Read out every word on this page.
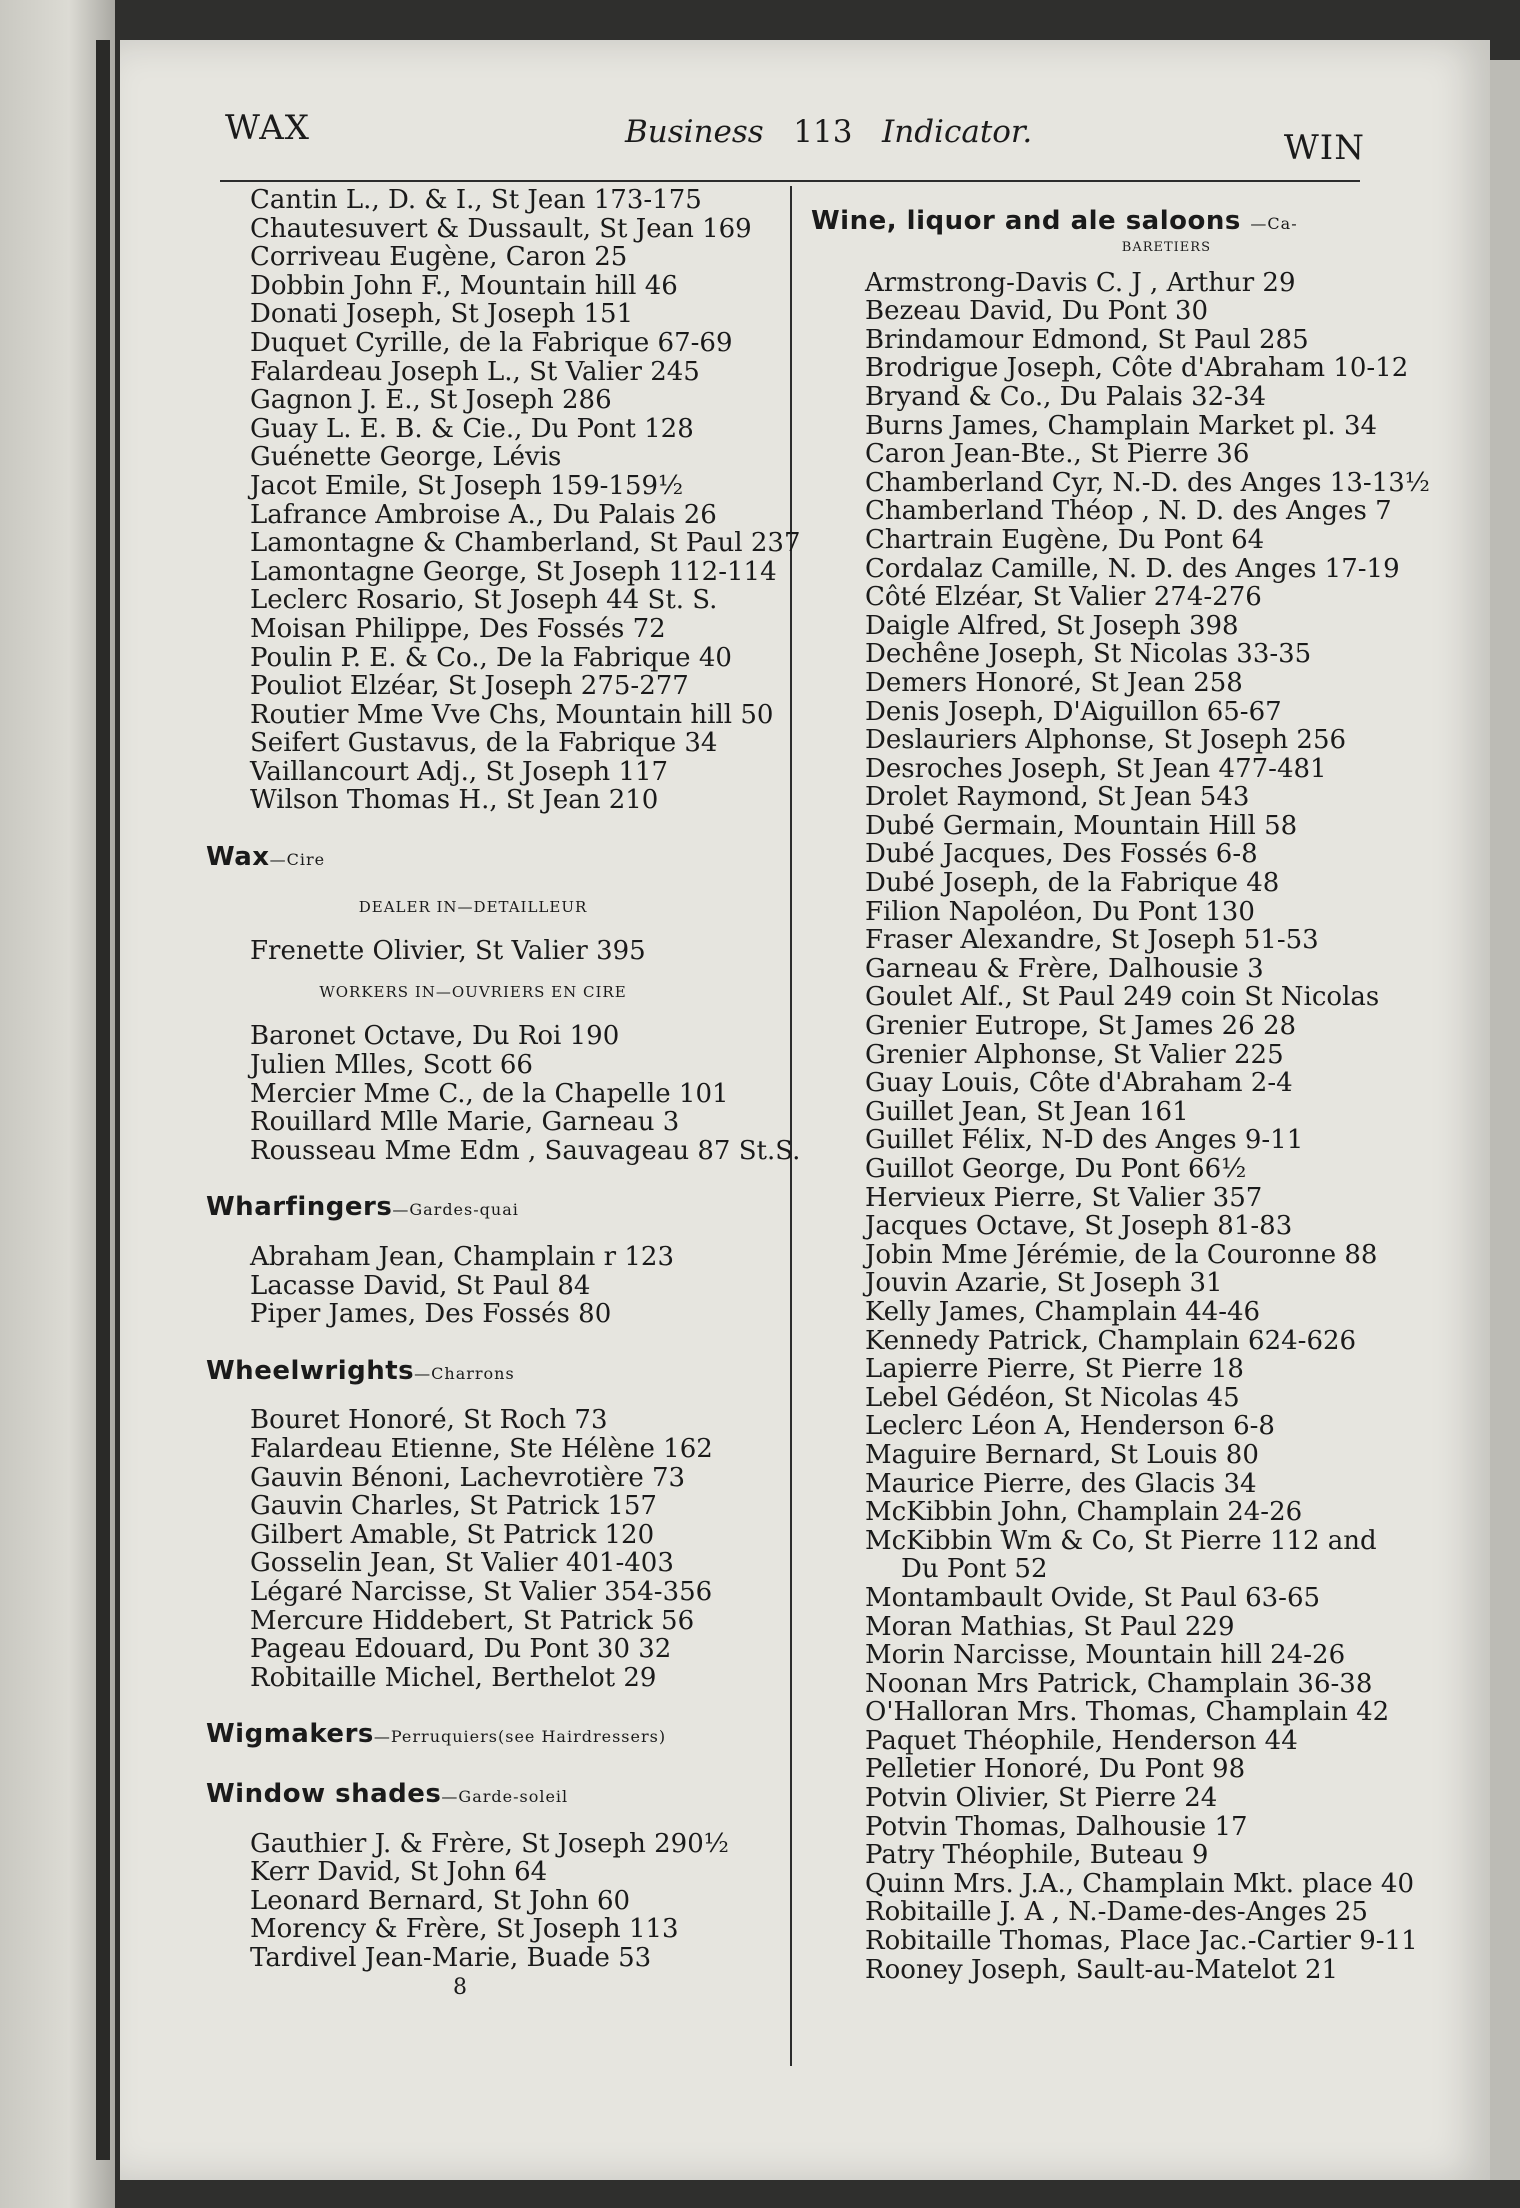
WAX	Business 113 Indicator.	WIN
Cantin L., D. & I., St Jean 173-175
Chautesuvert & Dussault, St Jean 169
Corriveau Eugène, Caron 25
Dobbin John F., Mountain hill 46
Donati Joseph, St Joseph 151
Duquet Cyrille, de la Fabrique 67-69
Falardeau Joseph L., St Valier 245
Gagnon J. E., St Joseph 286
Guay L. E. B. & Cie., Du Pont 128
Guénette George, Lévis
Jacot Emile, St Joseph 159-159½
Lafrance Ambroise A., Du Palais 26
Lamontagne & Chamberland, St Paul 237
Lamontagne George, St Joseph 112-114
Leclerc Rosario, St Joseph 44 St. S.
Moisan Philippe, Des Fossés 72
Poulin P. E. & Co., De la Fabrique 40
Pouliot Elzéar, St Joseph 275-277
Routier Mme Vve Chs, Mountain hill 50
Seifert Gustavus, de la Fabrique 34
Vaillancourt Adj., St Joseph 117
Wilson Thomas H., St Jean 210
Wax—Cire
DEALER IN—DETAILLEUR
Frenette Olivier, St Valier 395
WORKERS IN—OUVRIERS EN CIRE
Baronet Octave, Du Roi 190
Julien Mlles, Scott 66
Mercier Mme C., de la Chapelle 101
Rouillard Mlle Marie, Garneau 3
Rousseau Mme Edm , Sauvageau 87 St.S.
Wharfingers—Gardes-quai
Abraham Jean, Champlain r 123
Lacasse David, St Paul 84
Piper James, Des Fossés 80
Wheelwrights—Charrons
Bouret Honoré, St Roch 73
Falardeau Etienne, Ste Hélène 162
Gauvin Bénoni, Lachevrotière 73
Gauvin Charles, St Patrick 157
Gilbert Amable, St Patrick 120
Gosselin Jean, St Valier 401-403
Légaré Narcisse, St Valier 354-356
Mercure Hiddebert, St Patrick 56
Pageau Edouard, Du Pont 30 32
Robitaille Michel, Berthelot 29
Wigmakers—Perruquiers(see Hairdressers)
Window shades—Garde-soleil
Gauthier J. & Frère, St Joseph 290½
Kerr David, St John 64
Leonard Bernard, St John 60
Morency & Frère, St Joseph 113
Tardivel Jean-Marie, Buade 53
8
Wine, liquor and ale saloons —Ca-
BARETIERS
Armstrong-Davis C. J , Arthur 29
Bezeau David, Du Pont 30
Brindamour Edmond, St Paul 285
Brodrigue Joseph, Côte d'Abraham 10-12
Bryand & Co., Du Palais 32-34
Burns James, Champlain Market pl. 34
Caron Jean-Bte., St Pierre 36
Chamberland Cyr, N.-D. des Anges 13-13½
Chamberland Théop , N. D. des Anges 7
Chartrain Eugène, Du Pont 64
Cordalaz Camille, N. D. des Anges 17-19
Côté Elzéar, St Valier 274-276
Daigle Alfred, St Joseph 398
Dechêne Joseph, St Nicolas 33-35
Demers Honoré, St Jean 258
Denis Joseph, D'Aiguillon 65-67
Deslauriers Alphonse, St Joseph 256
Desroches Joseph, St Jean 477-481
Drolet Raymond, St Jean 543
Dubé Germain, Mountain Hill 58
Dubé Jacques, Des Fossés 6-8
Dubé Joseph, de la Fabrique 48
Filion Napoléon, Du Pont 130
Fraser Alexandre, St Joseph 51-53
Garneau & Frère, Dalhousie 3
Goulet Alf., St Paul 249 coin St Nicolas
Grenier Eutrope, St James 26 28
Grenier Alphonse, St Valier 225
Guay Louis, Côte d'Abraham 2-4
Guillet Jean, St Jean 161
Guillet Félix, N-D des Anges 9-11
Guillot George, Du Pont 66½
Hervieux Pierre, St Valier 357
Jacques Octave, St Joseph 81-83
Jobin Mme Jérémie, de la Couronne 88
Jouvin Azarie, St Joseph 31
Kelly James, Champlain 44-46
Kennedy Patrick, Champlain 624-626
Lapierre Pierre, St Pierre 18
Lebel Gédéon, St Nicolas 45
Leclerc Léon A, Henderson 6-8
Maguire Bernard, St Louis 80
Maurice Pierre, des Glacis 34
McKibbin John, Champlain 24-26
McKibbin Wm & Co, St Pierre 112 and
Du Pont 52
Montambault Ovide, St Paul 63-65
Moran Mathias, St Paul 229
Morin Narcisse, Mountain hill 24-26
Noonan Mrs Patrick, Champlain 36-38
O'Halloran Mrs. Thomas, Champlain 42
Paquet Théophile, Henderson 44
Pelletier Honoré, Du Pont 98
Potvin Olivier, St Pierre 24
Potvin Thomas, Dalhousie 17
Patry Théophile, Buteau 9
Quinn Mrs. J.A., Champlain Mkt. place 40
Robitaille J. A , N.-Dame-des-Anges 25
Robitaille Thomas, Place Jac.-Cartier 9-11
Rooney Joseph, Sault-au-Matelot 21
